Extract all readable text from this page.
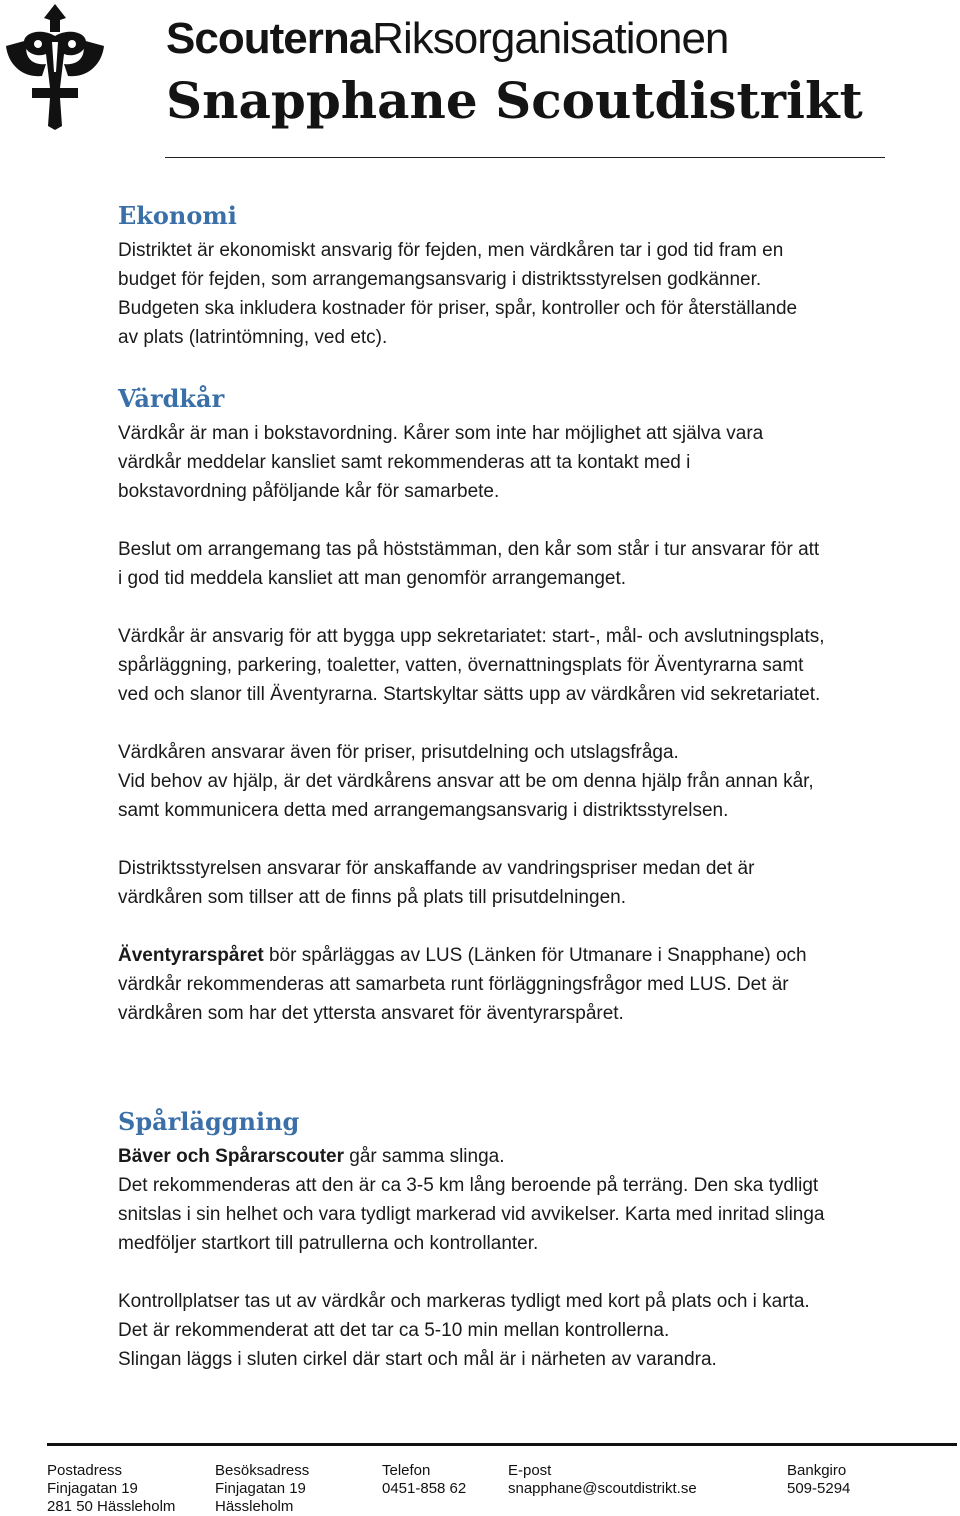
ScouternaRiksorganisationen
Snapphane Scoutdistrikt
Ekonomi

Distriktet är ekonomiskt ansvarig för fejden, men värdkåren tar i god tid fram en
budget för fejden, som arrangemangsansvarig i distriktsstyrelsen godkänner.
Budgeten ska inkludera kostnader för priser, spår, kontroller och för återställande
av plats (latrintömning, ved etc).

Värdkår

Värdkår är man i bokstavordning. Kårer som inte har möjlighet att själva vara
värdkår meddelar kansliet samt rekommenderas att ta kontakt med i
bokstavordning påföljande kår för samarbete.

Beslut om arrangemang tas på höststämman, den kår som står i tur ansvarar för att
i god tid meddela kansliet att man genomför arrangemanget.

Värdkår är ansvarig för att bygga upp sekretariatet: start-, mål- och avslutningsplats,
spårläggning, parkering, toaletter, vatten, övernattningsplats för Äventyrarna samt
ved och slanor till Äventyrarna. Startskyltar sätts upp av värdkåren vid sekretariatet.

Värdkåren ansvarar även för priser, prisutdelning och utslagsfråga.
Vid behov av hjälp, är det värdkårens ansvar att be om denna hjälp från annan kår,
samt kommunicera detta med arrangemangsansvarig i distriktsstyrelsen.

Distriktsstyrelsen ansvarar för anskaffande av vandringspriser medan det är
värdkåren som tillser att de finns på plats till prisutdelningen.

Äventyrarspåret bör spårläggas av LUS (Länken för Utmanare i Snapphane) och
värdkår rekommenderas att samarbeta runt förläggningsfrågor med LUS. Det är
värdkåren som har det yttersta ansvaret för äventyrarspåret.

Spårläggning

Bäver och Spårarscouter går samma slinga.
Det rekommenderas att den är ca 3-5 km lång beroende på terräng. Den ska tydligt
snitslas i sin helhet och vara tydligt markerad vid avvikelser. Karta med inritad slinga
medföljer startkort till patrullerna och kontrollanter.

Kontrollplatser tas ut av värdkår och markeras tydligt med kort på plats och i karta.
Det är rekommenderat att det tar ca 5-10 min mellan kontrollerna.
Slingan läggs i sluten cirkel där start och mål är i närheten av varandra.

Postadress
Finjagatan 19
281 50 Hässleholm
Besöksadress
Finjagatan 19
Hässleholm
Telefon
0451-858 62
E-post
snapphane@scoutdistrikt.se
Bankgiro
509-5294
